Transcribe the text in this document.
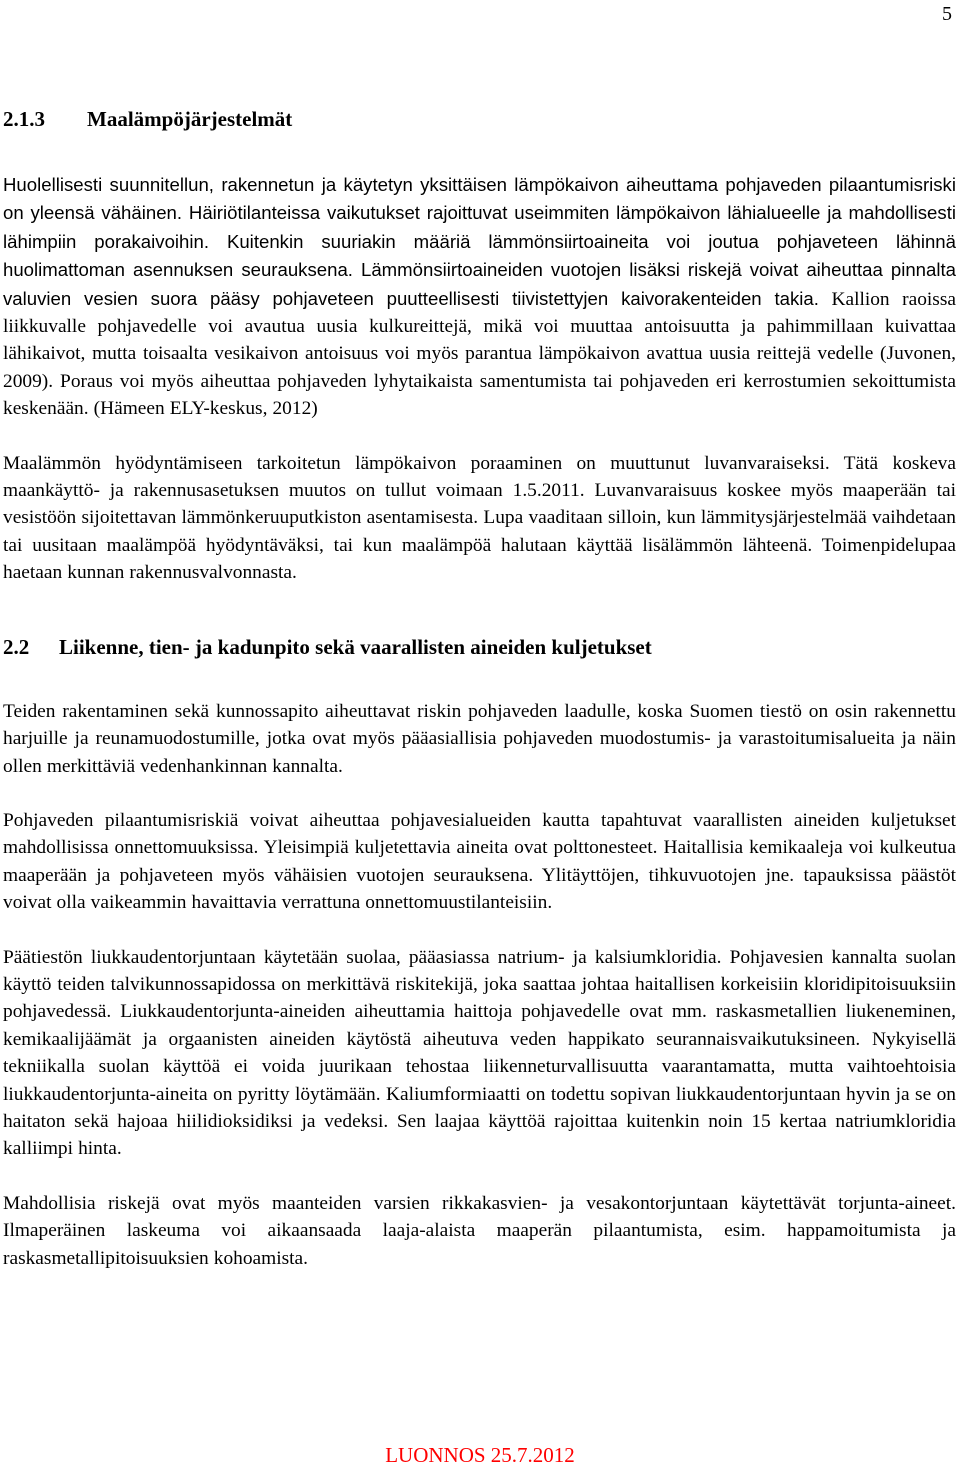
5
2.1.3	Maalämpöjärjestelmät

Huolellisesti suunnitellun, rakennetun ja käytetyn yksittäisen lämpökaivon aiheuttama pohjaveden pilaantumisriski on yleensä vähäinen. Häiriötilanteissa vaikutukset rajoittuvat useimmiten lämpökaivon lähialueelle ja mahdollisesti lähimpiin porakaivoihin. Kuitenkin suuriakin määriä lämmönsiirtoaineita voi joutua pohjaveteen lähinnä huolimattoman asennuksen seurauksena. Lämmönsiirtoaineiden vuotojen lisäksi riskejä voivat aiheuttaa pinnalta valuvien vesien suora pääsy pohjaveteen puutteellisesti tiivistettyjen kaivorakenteiden takia. Kallion raoissa liikkuvalle pohjavedelle voi avautua uusia kulkureittejä, mikä voi muuttaa antoisuutta ja pahimmillaan kuivattaa lähikaivot, mutta toisaalta vesikaivon antoisuus voi myös parantua lämpökaivon avattua uusia reittejä vedelle (Juvonen, 2009). Poraus voi myös aiheuttaa pohjaveden lyhytaikaista samentumista tai pohjaveden eri kerrostumien sekoittumista keskenään. (Hämeen ELY-keskus, 2012)

Maalämmön hyödyntämiseen tarkoitetun lämpökaivon poraaminen on muuttunut luvanvaraiseksi. Tätä koskeva maankäyttö- ja rakennusasetuksen muutos on tullut voimaan 1.5.2011. Luvanvaraisuus koskee myös maaperään tai vesistöön sijoitettavan lämmönkeruuputkiston asentamisesta. Lupa vaaditaan silloin, kun lämmitysjärjestelmää vaihdetaan tai uusitaan maalämpöä hyödyntäväksi, tai kun maalämpöä halutaan käyttää lisälämmön lähteenä. Toimenpidelupaa haetaan kunnan rakennusvalvonnasta.

2.2	Liikenne, tien- ja kadunpito sekä vaarallisten aineiden kuljetukset

Teiden rakentaminen sekä kunnossapito aiheuttavat riskin pohjaveden laadulle, koska Suomen tiestö on osin rakennettu harjuille ja reunamuodostumille, jotka ovat myös pääasiallisia pohjaveden muodostumis- ja varastoitumisalueita ja näin ollen merkittäviä vedenhankinnan kannalta.

Pohjaveden pilaantumisriskiä voivat aiheuttaa pohjavesialueiden kautta tapahtuvat vaarallisten aineiden kuljetukset mahdollisissa onnettomuuksissa. Yleisimpiä kuljetettavia aineita ovat polttonesteet. Haitallisia kemikaaleja voi kulkeutua maaperään ja pohjaveteen myös vähäisien vuotojen seurauksena. Ylitäyttöjen, tihkuvuotojen jne. tapauksissa päästöt voivat olla vaikeammin havaittavia verrattuna onnettomuustilanteisiin.

Päätiestön liukkaudentorjuntaan käytetään suolaa, pääasiassa natrium- ja kalsiumkloridia. Pohjavesien kannalta suolan käyttö teiden talvikunnossapidossa on merkittävä riskitekijä, joka saattaa johtaa haitallisen korkeisiin kloridipitoisuuksiin pohjavedessä. Liukkaudentorjunta-aineiden aiheuttamia haittoja pohjavedelle ovat mm. raskasmetallien liukeneminen, kemikaalijäämät ja orgaanisten aineiden käytöstä aiheutuva veden happikato seurannaisvaikutuksineen. Nykyisellä tekniikalla suolan käyttöä ei voida juurikaan tehostaa liikenneturvallisuutta vaarantamatta, mutta vaihtoehtoisia liukkaudentorjunta-aineita on pyritty löytämään. Kaliumformiaatti on todettu sopivan liukkaudentorjuntaan hyvin ja se on haitaton sekä hajoaa hiilidioksidiksi ja vedeksi. Sen laajaa käyttöä rajoittaa kuitenkin noin 15 kertaa natriumkloridia kalliimpi hinta.

Mahdollisia riskejä ovat myös maanteiden varsien rikkakasvien- ja vesakontorjuntaan käytettävät torjunta-aineet. Ilmaperäinen laskeuma voi aikaansaada laaja-alaista maaperän pilaantumista, esim. happamoitumista ja raskasmetallipitoisuuksien kohoamista.

LUONNOS 25.7.2012
